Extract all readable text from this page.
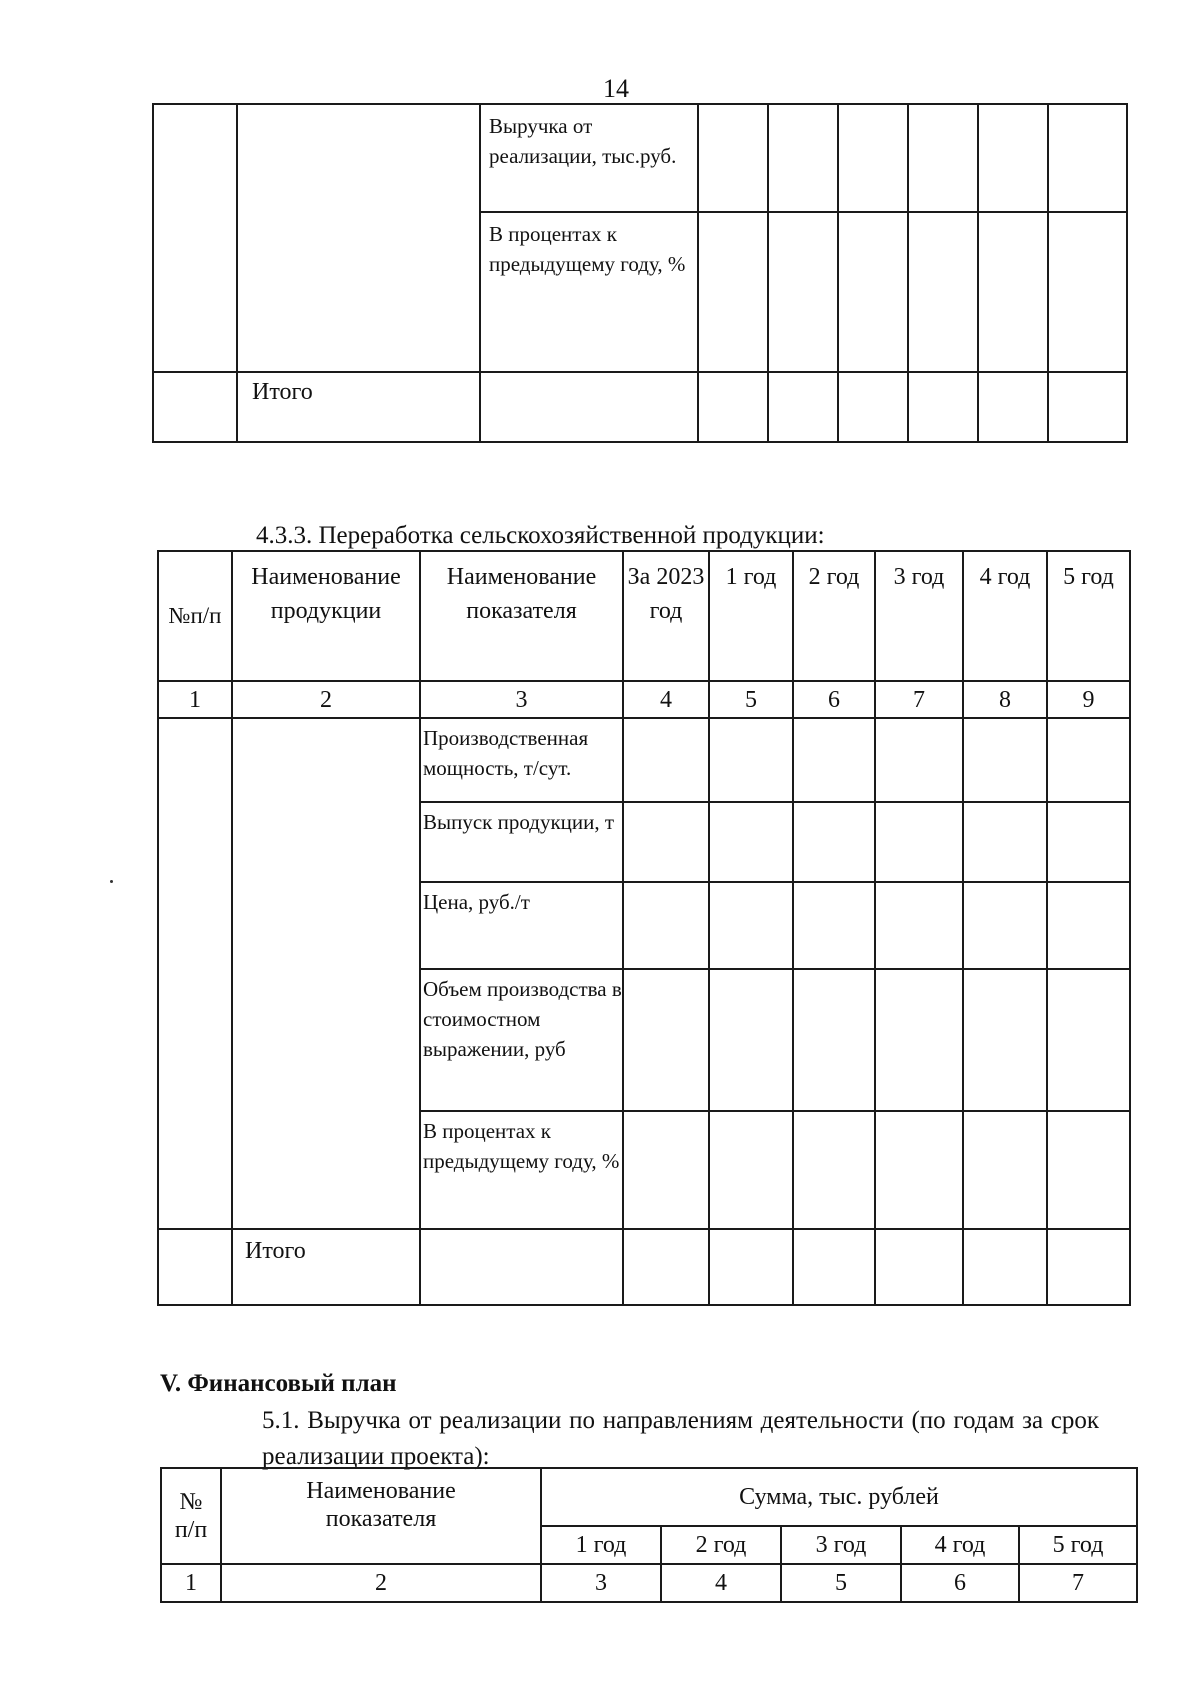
14
		Выручка от реализации, тыс.руб.						
		В процентах к предыдущему году, %						
	Итого							
4.3.3. Переработка сельскохозяйственной продукции:
№п/п	Наименование продукции	Наименование показателя	За 2023 год	1 год	2 год	3 год	4 год	5 год
1	2	3	4	5	6	7	8	9
		Производственная мощность, т/сут.						
		Выпуск продукции, т						
		Цена, руб./т						
		Объем производства в стоимостном выражении, руб						
		В процентах к предыдущему году, %						
	Итого							
V. Финансовый план
5.1. Выручка от реализации по направлениям деятельности (по годам за срок реализации проекта):
№ п/п	Наименование показателя	Сумма, тыс. рублей				
		1 год	2 год	3 год	4 год	5 год
1	2	3	4	5	6	7
